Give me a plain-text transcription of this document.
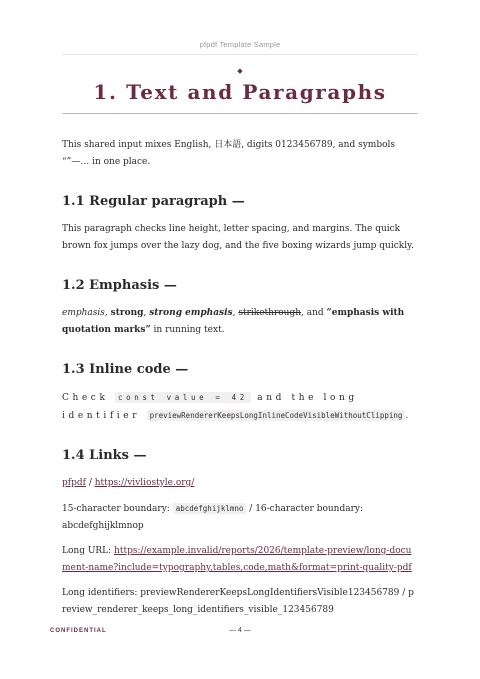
pfpdf Template Sample
◆
1. Text and Paragraphs

This shared input mixes English, 日本語, digits 0123456789, and symbols “”—… in one place.

1.1 Regular paragraph —

This paragraph checks line height, letter spacing, and margins. The quick brown fox jumps over the lazy dog, and the five boxing wizards jump quickly.

1.2 Emphasis —

emphasis, strong, strong emphasis, strikethrough, and “emphasis with quotation marks” in running text.

1.3 Inline code —

Check const value = 42 and the long identifier previewRendererKeepsLongInlineCodeVisibleWithoutClipping .

1.4 Links —

pfpdf / https://vivliostyle.org/

15-character boundary: abcdefghijklmno / 16-character boundary: abcdefghijklmnop

Long URL: https://example.invalid/reports/2026/template-preview/long-document-name?include=typography,tables,code,math&format=print-quality-pdf

Long identifiers: previewRendererKeepsLongIdentifiersVisible123456789 / preview_renderer_keeps_long_identifiers_visible_123456789

CONFIDENTIAL	— 4 —
